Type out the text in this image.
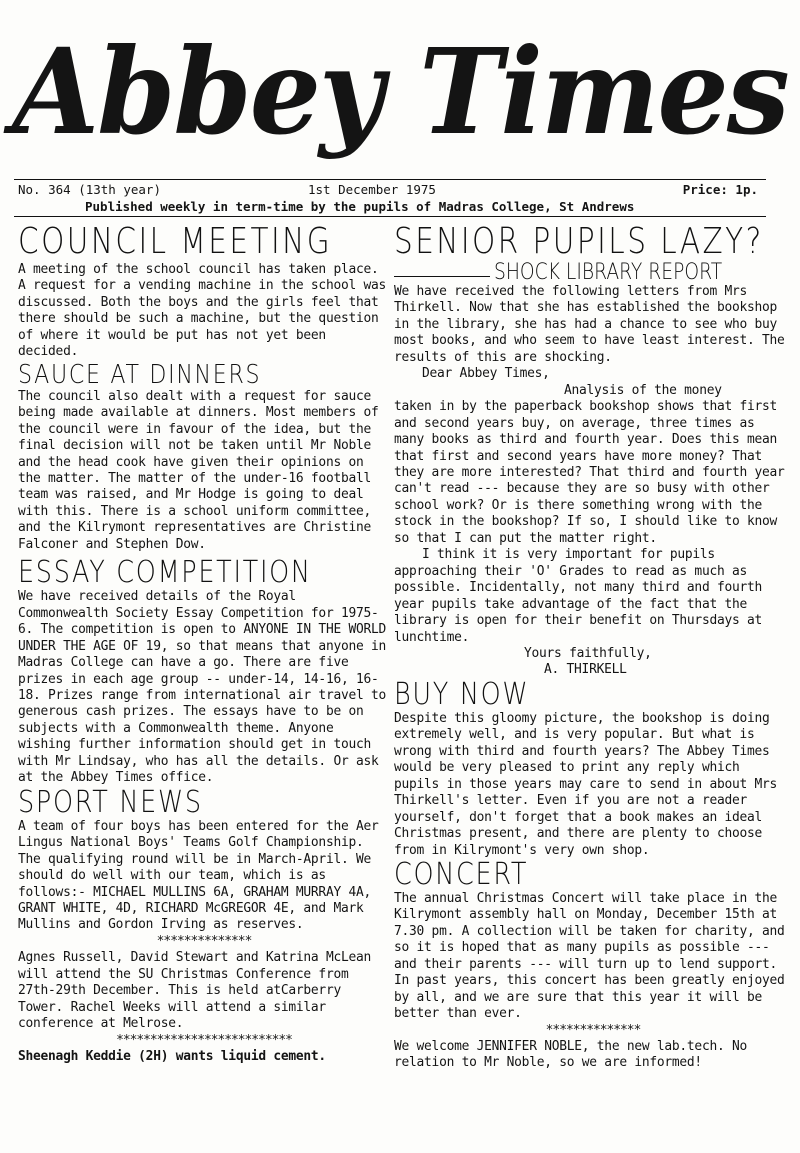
Abbey Times
No. 364 (13th year)	1st December 1975	Price: 1p.
Published weekly in term-time by the pupils of Madras College, St Andrews
COUNCIL MEETING

A meeting of the school council has taken place. A request for a vending machine in the school was discussed. Both the boys and the girls feel that there should be such a machine, but the question of where it would be put has not yet been decided.

SAUCE AT DINNERS

The council also dealt with a request for sauce being made available at dinners. Most members of the council were in favour of the idea, but the final decision will not be taken until Mr Noble and the head cook have given their opinions on the matter. The matter of the under-16 football team was raised, and Mr Hodge is going to deal with this. There is a school uniform committee, and the Kilrymont representatives are Christine Falconer and Stephen Dow.

ESSAY COMPETITION

We have received details of the Royal Commonwealth Society Essay Competition for 1975-6. The competition is open to ANYONE IN THE WORLD UNDER THE AGE OF 19, so that means that anyone in Madras College can have a go. There are five prizes in each age group -- under-14, 14-16, 16-18. Prizes range from international air travel to generous cash prizes. The essays have to be on subjects with a Commonwealth theme. Anyone wishing further information should get in touch with Mr Lindsay, who has all the details. Or ask at the Abbey Times office.

SPORT NEWS

A team of four boys has been entered for the Aer Lingus National Boys' Teams Golf Championship. The qualifying round will be in March-April. We should do well with our team, which is as follows:- MICHAEL MULLINS 6A, GRAHAM MURRAY 4A, GRANT WHITE, 4D, RICHARD McGREGOR 4E, and Mark Mullins and Gordon Irving as reserves.

**************

Agnes Russell, David Stewart and Katrina McLean will attend the SU Christmas Conference from 27th-29th December. This is held atCarberry Tower. Rachel Weeks will attend a similar conference at Melrose.

**************************

Sheenagh Keddie (2H) wants liquid cement.

SENIOR PUPILS LAZY?
SHOCK LIBRARY REPORT

We have received the following letters from Mrs Thirkell. Now that she has established the bookshop in the library, she has had a chance to see who buy most books, and who seem to have least interest. The results of this are shocking.

Dear Abbey Times,

Analysis of the money

taken in by the paperback bookshop shows that first and second years buy, on average, three times as many books as third and fourth year. Does this mean that first and second years have more money? That they are more interested? That third and fourth year can't read --- because they are so busy with other school work? Or is there something wrong with the stock in the bookshop? If so, I should like to know so that I can put the matter right.

I think it is very important for pupils approaching their 'O' Grades to read as much as possible. Incidentally, not many third and fourth year pupils take advantage of the fact that the library is open for their benefit on Thursdays at lunchtime.

Yours faithfully,

A. THIRKELL

BUY NOW

Despite this gloomy picture, the bookshop is doing extremely well, and is very popular. But what is wrong with third and fourth years? The Abbey Times would be very pleased to print any reply which pupils in those years may care to send in about Mrs Thirkell's letter. Even if you are not a reader yourself, don't forget that a book makes an ideal Christmas present, and there are plenty to choose from in Kilrymont's very own shop.

CONCERT

The annual Christmas Concert will take place in the Kilrymont assembly hall on Monday, December 15th at 7.30 pm. A collection will be taken for charity, and so it is hoped that as many pupils as possible --- and their parents --- will turn up to lend support. In past years, this concert has been greatly enjoyed by all, and we are sure that this year it will be better than ever.

**************

We welcome JENNIFER NOBLE, the new lab.tech. No relation to Mr Noble, so we are informed!
